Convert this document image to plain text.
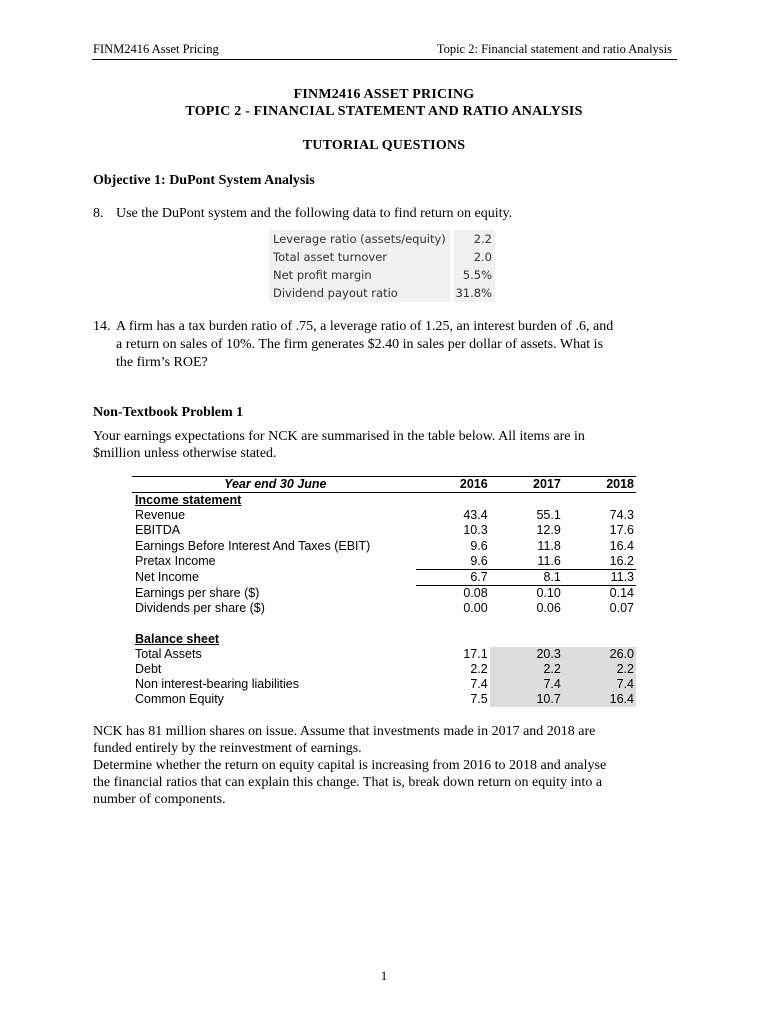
FINM2416 Asset Pricing	Topic 2: Financial statement and ratio Analysis
FINM2416 ASSET PRICING
TOPIC 2 - FINANCIAL STATEMENT AND RATIO ANALYSIS
TUTORIAL QUESTIONS
Objective 1: DuPont System Analysis
8. Use the DuPont system and the following data to find return on equity.
Leverage ratio (assets/equity)		2.2
Total asset turnover		2.0
Net profit margin		5.5%
Dividend payout ratio		31.8%
14. A firm has a tax burden ratio of .75, a leverage ratio of 1.25, an interest burden of .6, and
a return on sales of 10%. The firm generates $2.40 in sales per dollar of assets. What is
the firm’s ROE?
Non-Textbook Problem 1
Your earnings expectations for NCK are summarised in the table below. All items are in
$million unless otherwise stated.
Year end 30 June	2016	2017	2018
Income statement			
Revenue	43.4	55.1	74.3
EBITDA	10.3	12.9	17.6
Earnings Before Interest And Taxes (EBIT)	9.6	11.8	16.4
Pretax Income	9.6	11.6	16.2
Net Income	6.7	8.1	11.3
Earnings per share ($)	0.08	0.10	0.14
Dividends per share ($)	0.00	0.06	0.07

Balance sheet			
Total Assets	17.1	20.3	26.0
Debt	2.2	2.2	2.2
Non interest-bearing liabilities	7.4	7.4	7.4
Common Equity	7.5	10.7	16.4
NCK has 81 million shares on issue. Assume that investments made in 2017 and 2018 are
funded entirely by the reinvestment of earnings.
Determine whether the return on equity capital is increasing from 2016 to 2018 and analyse
the financial ratios that can explain this change. That is, break down return on equity into a
number of components.
1
